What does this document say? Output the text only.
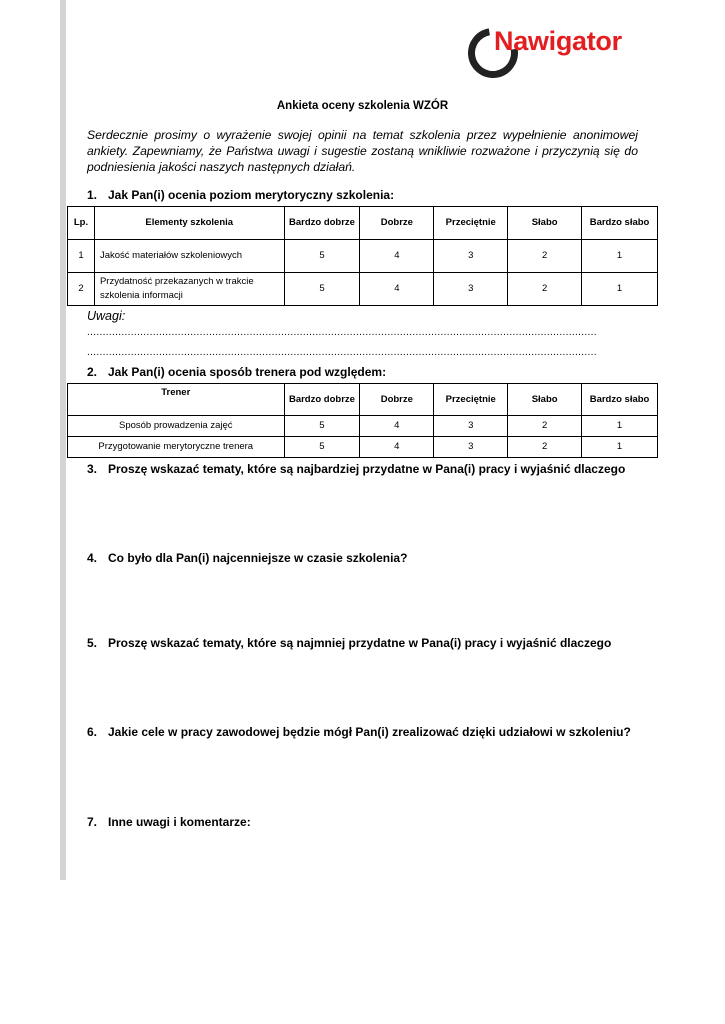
Nawigator
Ankieta oceny szkolenia WZÓR
Serdecznie prosimy o wyrażenie swojej opinii na temat szkolenia przez wypełnienie anonimowej ankiety. Zapewniamy, że Państwa uwagi i sugestie zostaną wnikliwie rozważone i przyczynią się do podniesienia jakości naszych następnych działań.
1. Jak Pan(i) ocenia poziom merytoryczny szkolenia:
Lp.	Elementy szkolenia	Bardzo dobrze	Dobrze	Przeciętnie	Słabo	Bardzo słabo
1	Jakość materiałów szkoleniowych	5	4	3	2	1
2	Przydatność przekazanych w trakcie szkolenia informacji	5	4	3	2	1
Uwagi:
...................................................................................................................................................................
...................................................................................................................................................................
2. Jak Pan(i) ocenia sposób trenera pod względem:
Trener	Bardzo dobrze	Dobrze	Przeciętnie	Słabo	Bardzo słabo
Sposób prowadzenia zajęć	5	4	3	2	1
Przygotowanie merytoryczne trenera	5	4	3	2	1
3. Proszę wskazać tematy, które są najbardziej przydatne w Pana(i) pracy i wyjaśnić dlaczego
4. Co było dla Pan(i) najcenniejsze w czasie szkolenia?
5. Proszę wskazać tematy, które są najmniej przydatne w Pana(i) pracy i wyjaśnić dlaczego
6. Jakie cele w pracy zawodowej będzie mógł Pan(i) zrealizować dzięki udziałowi w szkoleniu?
7. Inne uwagi i komentarze:
